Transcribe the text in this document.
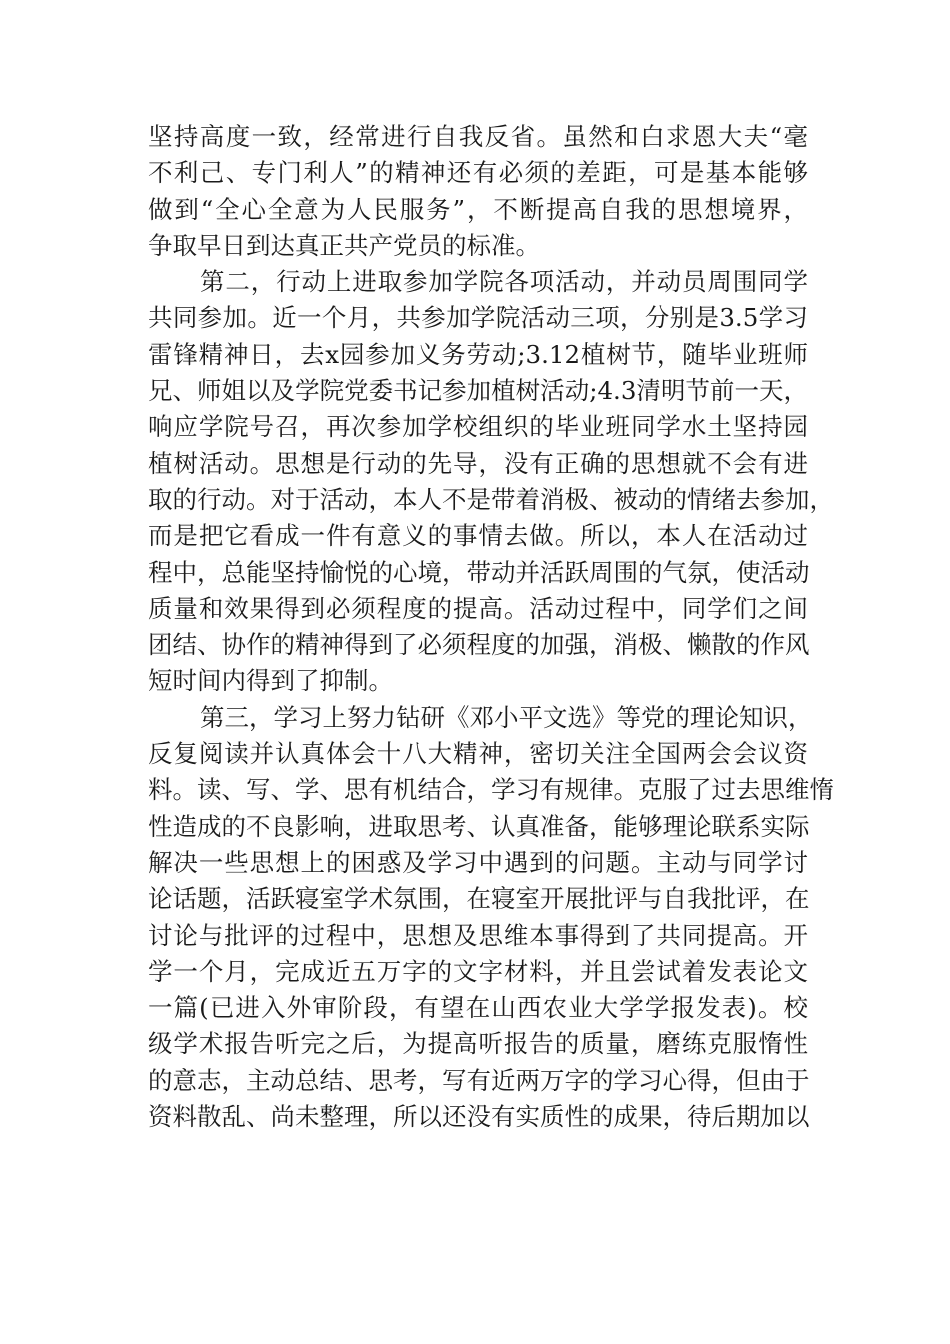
坚持高度一致，经常进行自我反省。虽然和白求恩大夫“毫
不利己、专门利人”的精神还有必须的差距，可是基本能够
做到“全心全意为人民服务”，不断提高自我的思想境界，
争取早日到达真正共产党员的标准。
第二，行动上进取参加学院各项活动，并动员周围同学
共同参加。近一个月，共参加学院活动三项，分别是3.5学习
雷锋精神日，去x园参加义务劳动;3.12植树节，随毕业班师
兄、师姐以及学院党委书记参加植树活动;4.3清明节前一天，
响应学院号召，再次参加学校组织的毕业班同学水土坚持园
植树活动。思想是行动的先导，没有正确的思想就不会有进
取的行动。对于活动，本人不是带着消极、被动的情绪去参加，
而是把它看成一件有意义的事情去做。所以，本人在活动过
程中，总能坚持愉悦的心境，带动并活跃周围的气氛，使活动
质量和效果得到必须程度的提高。活动过程中，同学们之间
团结、协作的精神得到了必须程度的加强，消极、懒散的作风
短时间内得到了抑制。
第三，学习上努力钻研《邓小平文选》等党的理论知识，
反复阅读并认真体会十八大精神，密切关注全国两会会议资
料。读、写、学、思有机结合，学习有规律。克服了过去思维惰
性造成的不良影响，进取思考、认真准备，能够理论联系实际
解决一些思想上的困惑及学习中遇到的问题。主动与同学讨
论话题，活跃寝室学术氛围，在寝室开展批评与自我批评，在
讨论与批评的过程中，思想及思维本事得到了共同提高。开
学一个月，完成近五万字的文字材料，并且尝试着发表论文
一篇(已进入外审阶段，有望在山西农业大学学报发表)。校
级学术报告听完之后，为提高听报告的质量，磨练克服惰性
的意志，主动总结、思考，写有近两万字的学习心得，但由于
资料散乱、尚未整理，所以还没有实质性的成果，待后期加以
